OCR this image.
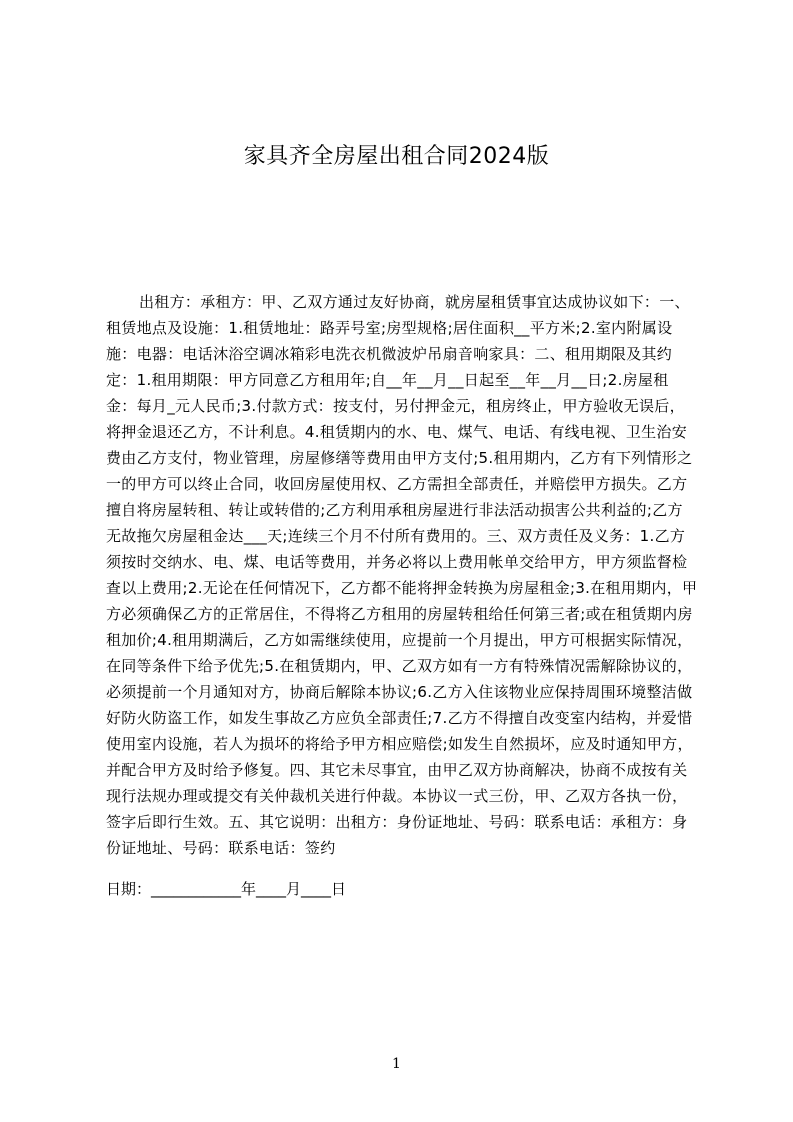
家具齐全房屋出租合同2024版

出租方：承租方：甲、乙双方通过友好协商，就房屋租赁事宜达成协议如下：一、租赁地点及设施：1.租赁地址：路弄号室;房型规格;居住面积__平方米;2.室内附属设施：电器：电话沐浴空调冰箱彩电洗衣机微波炉吊扇音响家具：二、租用期限及其约定：1.租用期限：甲方同意乙方租用年;自__年__月__日起至__年__月__日;2.房屋租金：每月_元人民币;3.付款方式：按支付，另付押金元，租房终止，甲方验收无误后，将押金退还乙方，不计利息。4.租赁期内的水、电、煤气、电话、有线电视、卫生治安费由乙方支付，物业管理，房屋修缮等费用由甲方支付;5.租用期内，乙方有下列情形之一的甲方可以终止合同，收回房屋使用权、乙方需担全部责任，并赔偿甲方损失。乙方擅自将房屋转租、转让或转借的;乙方利用承租房屋进行非法活动损害公共利益的;乙方无故拖欠房屋租金达___天;连续三个月不付所有费用的。三、双方责任及义务：1.乙方须按时交纳水、电、煤、电话等费用，并务必将以上费用帐单交给甲方，甲方须监督检查以上费用;2.无论在任何情况下，乙方都不能将押金转换为房屋租金;3.在租用期内，甲方必须确保乙方的正常居住，不得将乙方租用的房屋转租给任何第三者;或在租赁期内房租加价;4.租用期满后，乙方如需继续使用，应提前一个月提出，甲方可根据实际情况，在同等条件下给予优先;5.在租赁期内，甲、乙双方如有一方有特殊情况需解除协议的，必须提前一个月通知对方，协商后解除本协议;6.乙方入住该物业应保持周围环境整洁做好防火防盗工作，如发生事故乙方应负全部责任;7.乙方不得擅自改变室内结构，并爱惜使用室内设施，若人为损坏的将给予甲方相应赔偿;如发生自然损坏，应及时通知甲方，并配合甲方及时给予修复。四、其它未尽事宜，由甲乙双方协商解决，协商不成按有关现行法规办理或提交有关仲裁机关进行仲裁。本协议一式三份，甲、乙双方各执一份，签字后即行生效。五、其它说明：出租方：身份证地址、号码：联系电话：承租方：身份证地址、号码：联系电话：签约

日期：____________年____月____日

1
